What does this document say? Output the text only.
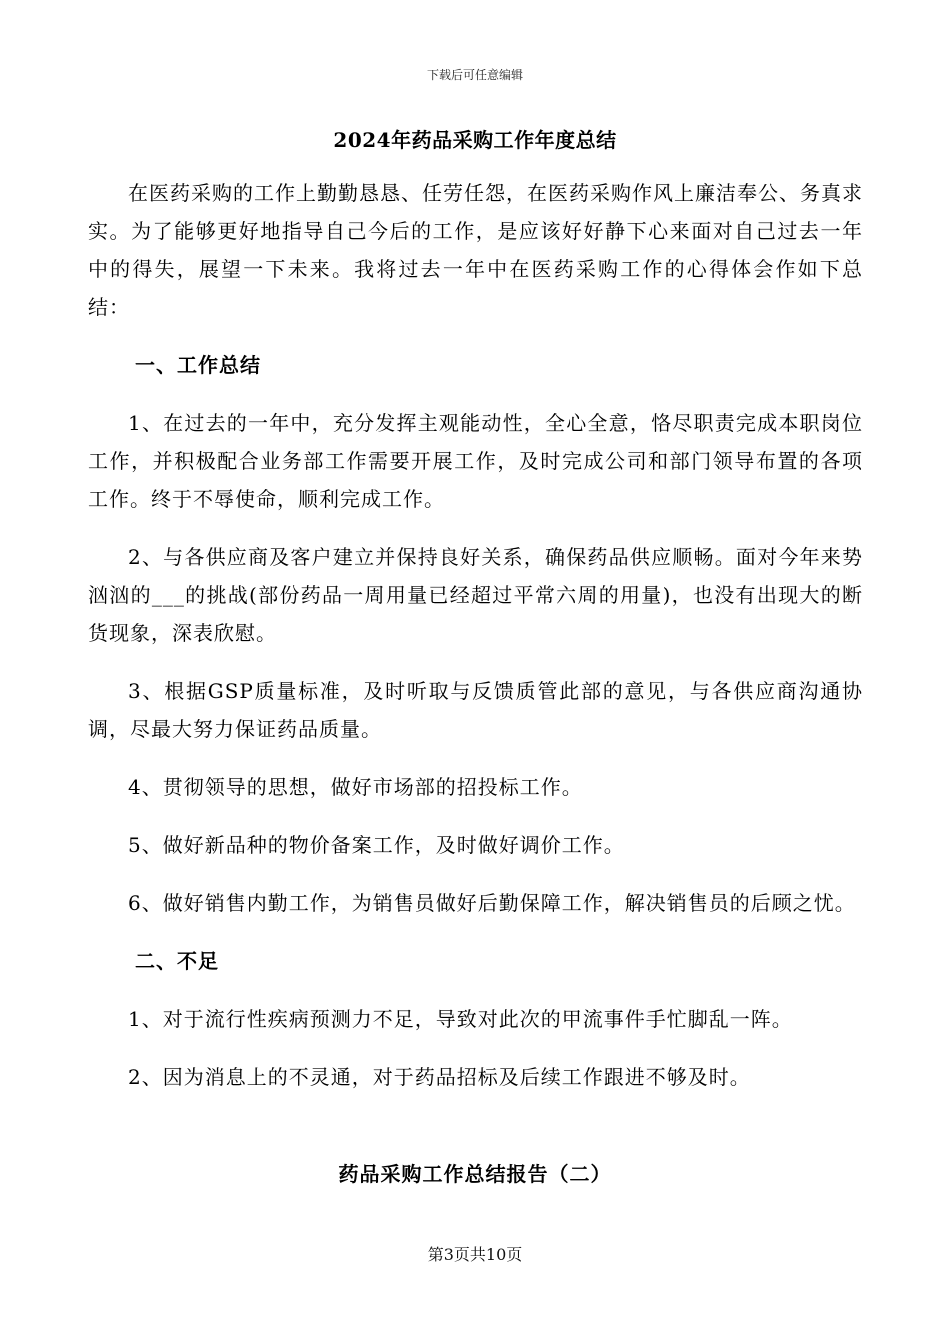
下载后可任意编辑
2024年药品采购工作年度总结

在医药采购的工作上勤勤恳恳、任劳任怨，在医药采购作风上廉洁奉公、务真求实。为了能够更好地指导自己今后的工作，是应该好好静下心来面对自己过去一年中的得失，展望一下未来。我将过去一年中在医药采购工作的心得体会作如下总结：

一、工作总结

1、在过去的一年中，充分发挥主观能动性，全心全意，恪尽职责完成本职岗位工作，并积极配合业务部工作需要开展工作，及时完成公司和部门领导布置的各项工作。终于不辱使命，顺利完成工作。

2、与各供应商及客户建立并保持良好关系，确保药品供应顺畅。面对今年来势汹汹的___的挑战(部份药品一周用量已经超过平常六周的用量)，也没有出现大的断货现象，深表欣慰。

3、根据GSP质量标准，及时听取与反馈质管此部的意见，与各供应商沟通协调，尽最大努力保证药品质量。

4、贯彻领导的思想，做好市场部的招投标工作。

5、做好新品种的物价备案工作，及时做好调价工作。

6、做好销售内勤工作，为销售员做好后勤保障工作，解决销售员的后顾之忧。

二、不足

1、对于流行性疾病预测力不足，导致对此次的甲流事件手忙脚乱一阵。

2、因为消息上的不灵通，对于药品招标及后续工作跟进不够及时。

药品采购工作总结报告（二）
第3页共10页
